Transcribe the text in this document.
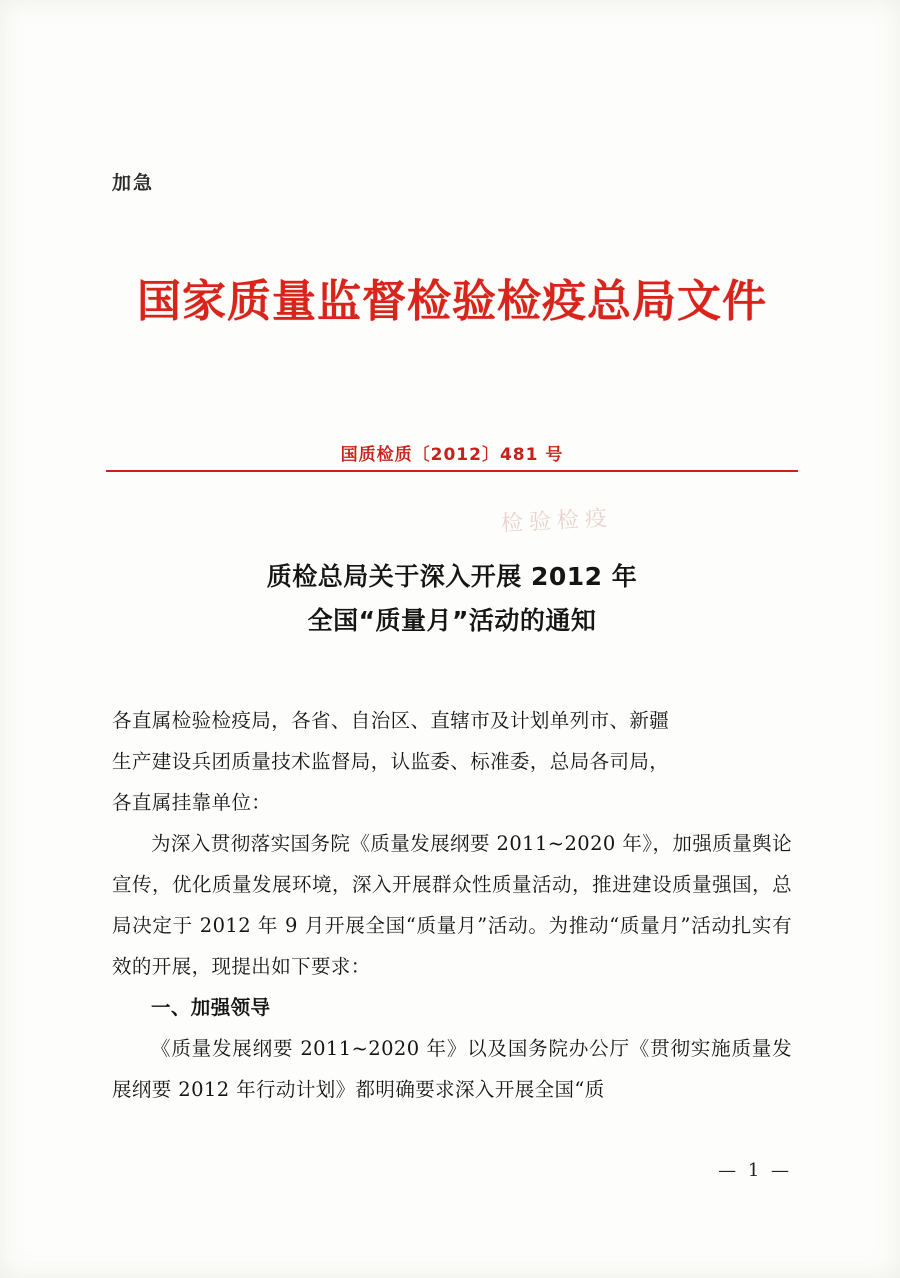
加急
国家质量监督检验检疫总局文件
国质检质〔2012〕481 号
检验检疫
质检总局关于深入开展 2012 年
全国“质量月”活动的通知

各直属检验检疫局，各省、自治区、直辖市及计划单列市、新疆

生产建设兵团质量技术监督局，认监委、标准委，总局各司局，

各直属挂靠单位：

为深入贯彻落实国务院《质量发展纲要 2011~2020 年》，加强质量舆论宣传，优化质量发展环境，深入开展群众性质量活动，推进建设质量强国，总局决定于 2012 年 9 月开展全国“质量月”活动。为推动“质量月”活动扎实有效的开展，现提出如下要求：

一、加强领导

《质量发展纲要 2011~2020 年》以及国务院办公厅《贯彻实施质量发展纲要 2012 年行动计划》都明确要求深入开展全国“质

— 1 —
